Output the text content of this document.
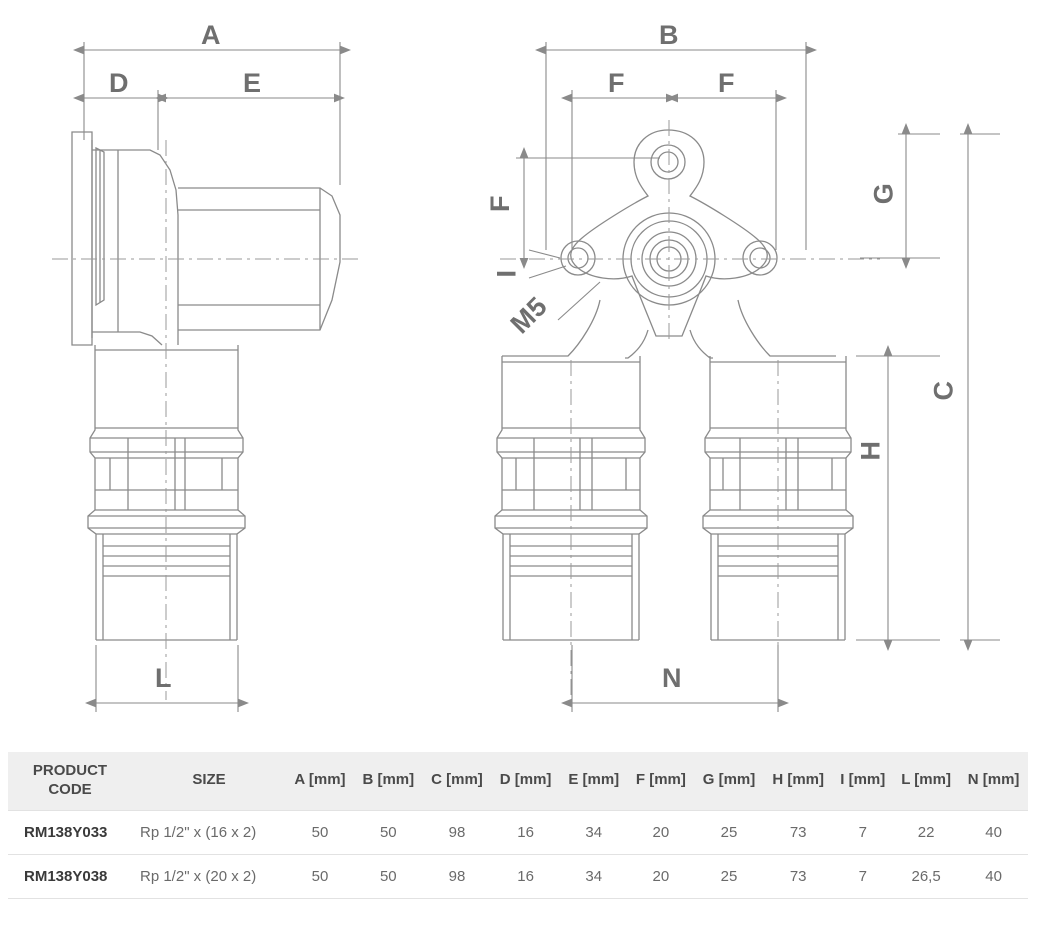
A
D	E
B
F	F
F	G
C
H
I
M5
L	N
PRODUCT
CODE	SIZE	A [mm]	B [mm]	C [mm]	D [mm]	E [mm]	F [mm]	G [mm]	H [mm]	I [mm]	L [mm]	N [mm]
RM138Y033	Rp 1/2" x (16 x 2)	50	50	98	16	34	20	25	73	7	22	40
RM138Y038	Rp 1/2" x (20 x 2)	50	50	98	16	34	20	25	73	7	26,5	40
